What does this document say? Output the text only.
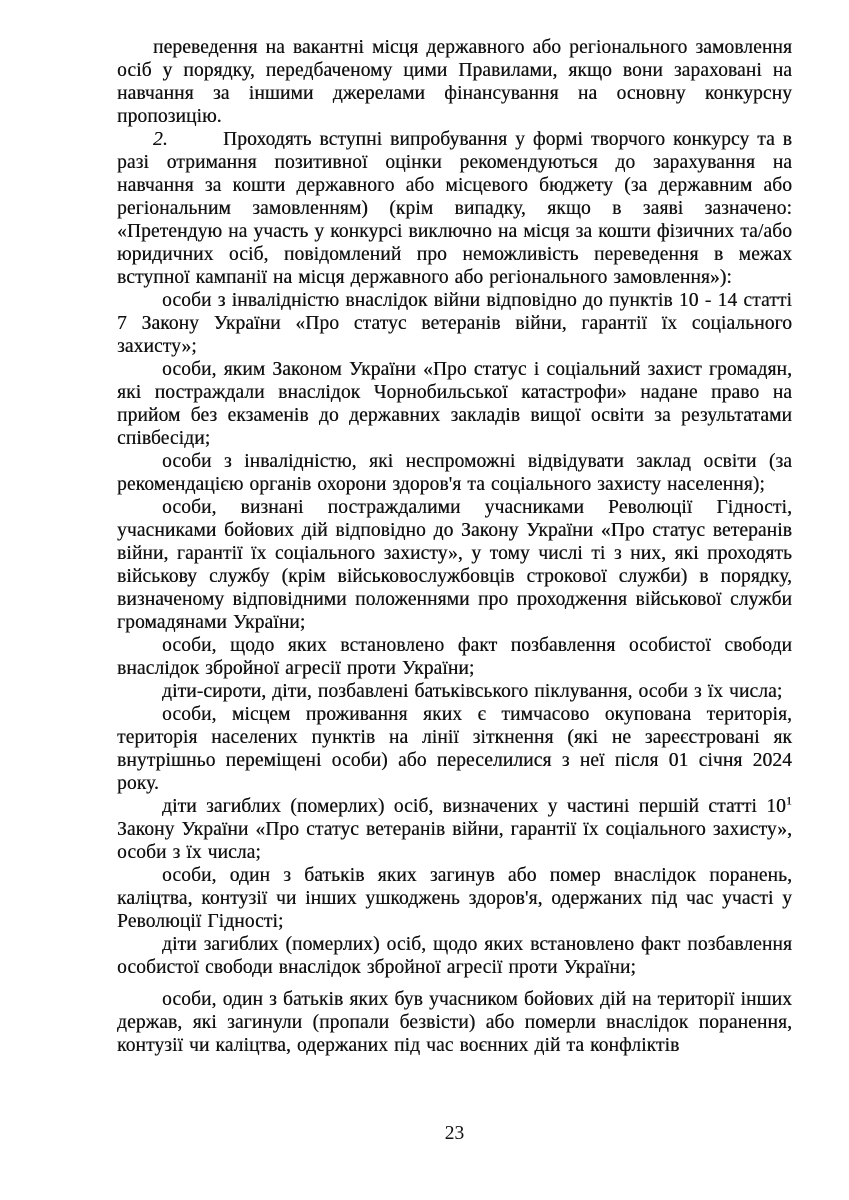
переведення на вакантні місця державного або регіонального замовлення осіб у порядку, передбаченому цими Правилами, якщо вони зараховані на навчання за іншими джерелами фінансування на основну конкурсну пропозицію.

2.	Проходять вступні випробування у формі творчого конкурсу та в разі отримання позитивної оцінки рекомендуються до зарахування на навчання за кошти державного або місцевого бюджету (за державним або регіональним замовленням) (крім випадку, якщо в заяві зазначено: «Претендую на участь у конкурсі виключно на місця за кошти фізичних та/або юридичних осіб, повідомлений про неможливість переведення в межах вступної кампанії на місця державного або регіонального замовлення»):

особи з інвалідністю внаслідок війни відповідно до пунктів 10 - 14 статті 7 Закону України «Про статус ветеранів війни, гарантії їх соціального захисту»;

особи, яким Законом України «Про статус і соціальний захист громадян, які постраждали внаслідок Чорнобильської катастрофи» надане право на прийом без екзаменів до державних закладів вищої освіти за результатами співбесіди;

особи з інвалідністю, які неспроможні відвідувати заклад освіти (за рекомендацією органів охорони здоров'я та соціального захисту населення);

особи, визнані постраждалими учасниками Революції Гідності, учасниками бойових дій відповідно до Закону України «Про статус ветеранів війни, гарантії їх соціального захисту», у тому числі ті з них, які проходять військову службу (крім військовослужбовців строкової служби) в порядку, визначеному відповідними положеннями про проходження військової служби громадянами України;

особи, щодо яких встановлено факт позбавлення особистої свободи внаслідок збройної агресії проти України;

діти-сироти, діти, позбавлені батьківського піклування, особи з їх числа;

особи, місцем проживання яких є тимчасово окупована територія, територія населених пунктів на лінії зіткнення (які не зареєстровані як внутрішньо переміщені особи) або переселилися з неї після 01 січня 2024 року.

діти загиблих (померлих) осіб, визначених у частині першій статті 10$^1$ Закону України «Про статус ветеранів війни, гарантії їх соціального захисту», особи з їх числа;

особи, один з батьків яких загинув або помер внаслідок поранень, каліцтва, контузії чи інших ушкоджень здоров'я, одержаних під час участі у Революції Гідності;

діти загиблих (померлих) осіб, щодо яких встановлено факт позбавлення особистої свободи внаслідок збройної агресії проти України;

особи, один з батьків яких був учасником бойових дій на території інших держав, які загинули (пропали безвісти) або померли внаслідок поранення, контузії чи каліцтва, одержаних під час воєнних дій та конфліктів

23
